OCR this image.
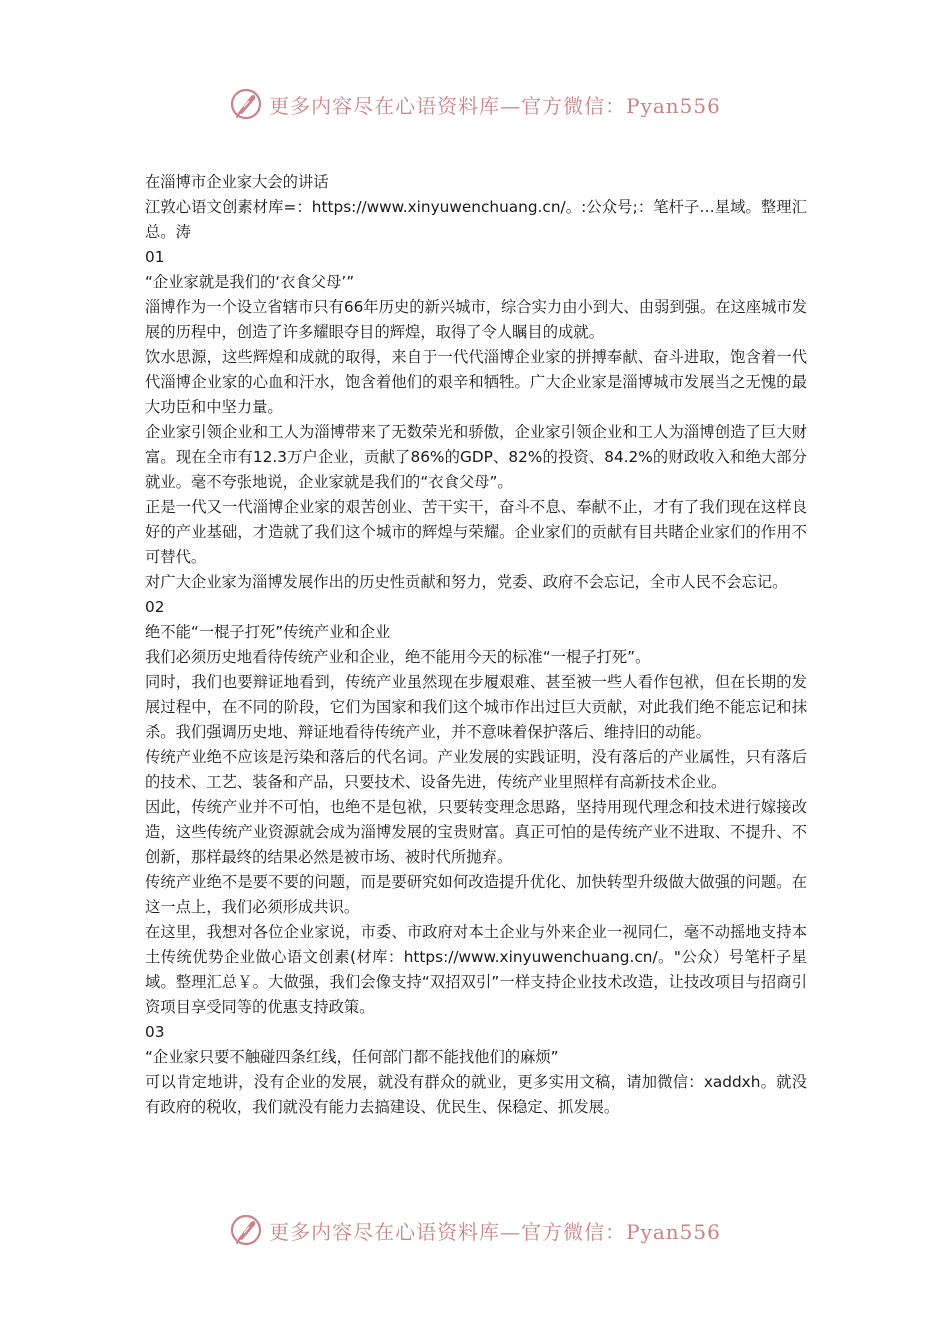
更多内容尽在心语资料库—官方微信：Pyan556

在淄博市企业家大会的讲话

江敦心语文创素材库=：https://www.xinyuwenchuang.cn/。:公众号;：笔杆子…星域。整理汇总。涛

01

“企业家就是我们的‘衣食父母’”

淄博作为一个设立省辖市只有66年历史的新兴城市，综合实力由小到大、由弱到强。在这座城市发展的历程中，创造了许多耀眼夺目的辉煌，取得了令人瞩目的成就。

饮水思源，这些辉煌和成就的取得，来自于一代代淄博企业家的拼搏奉献、奋斗进取，饱含着一代代淄博企业家的心血和汗水，饱含着他们的艰辛和牺牲。广大企业家是淄博城市发展当之无愧的最大功臣和中坚力量。

企业家引领企业和工人为淄博带来了无数荣光和骄傲，企业家引领企业和工人为淄博创造了巨大财富。现在全市有12.3万户企业，贡献了86%的GDP、82%的投资、84.2%的财政收入和绝大部分就业。毫不夸张地说，企业家就是我们的“衣食父母”。

正是一代又一代淄博企业家的艰苦创业、苦干实干，奋斗不息、奉献不止，才有了我们现在这样良好的产业基础，才造就了我们这个城市的辉煌与荣耀。企业家们的贡献有目共睹企业家们的作用不可替代。

对广大企业家为淄博发展作出的历史性贡献和努力，党委、政府不会忘记，全市人民不会忘记。

02

绝不能“一棍子打死”传统产业和企业

我们必须历史地看待传统产业和企业，绝不能用今天的标准“一棍子打死”。

同时，我们也要辩证地看到，传统产业虽然现在步履艰难、甚至被一些人看作包袱，但在长期的发展过程中，在不同的阶段，它们为国家和我们这个城市作出过巨大贡献，对此我们绝不能忘记和抹杀。我们强调历史地、辩证地看待传统产业，并不意味着保护落后、维持旧的动能。

传统产业绝不应该是污染和落后的代名词。产业发展的实践证明，没有落后的产业属性，只有落后的技术、工艺、装备和产品，只要技术、设备先进，传统产业里照样有高新技术企业。

因此，传统产业并不可怕，也绝不是包袱，只要转变理念思路，坚持用现代理念和技术进行嫁接改造，这些传统产业资源就会成为淄博发展的宝贵财富。真正可怕的是传统产业不进取、不提升、不创新，那样最终的结果必然是被市场、被时代所抛弃。

传统产业绝不是要不要的问题，而是要研究如何改造提升优化、加快转型升级做大做强的问题。在这一点上，我们必须形成共识。

在这里，我想对各位企业家说，市委、市政府对本土企业与外来企业一视同仁，毫不动摇地支持本土传统优势企业做心语文创素(材库：https://www.xinyuwenchuang.cn/。"公众）号笔杆子星域。整理汇总￥。大做强，我们会像支持“双招双引”一样支持企业技术改造，让技改项目与招商引资项目享受同等的优惠支持政策。

03

“企业家只要不触碰四条红线，任何部门都不能找他们的麻烦”

可以肯定地讲，没有企业的发展，就没有群众的就业，更多实用文稿，请加微信：xaddxh。就没有政府的税收，我们就没有能力去搞建设、优民生、保稳定、抓发展。

更多内容尽在心语资料库—官方微信：Pyan556
